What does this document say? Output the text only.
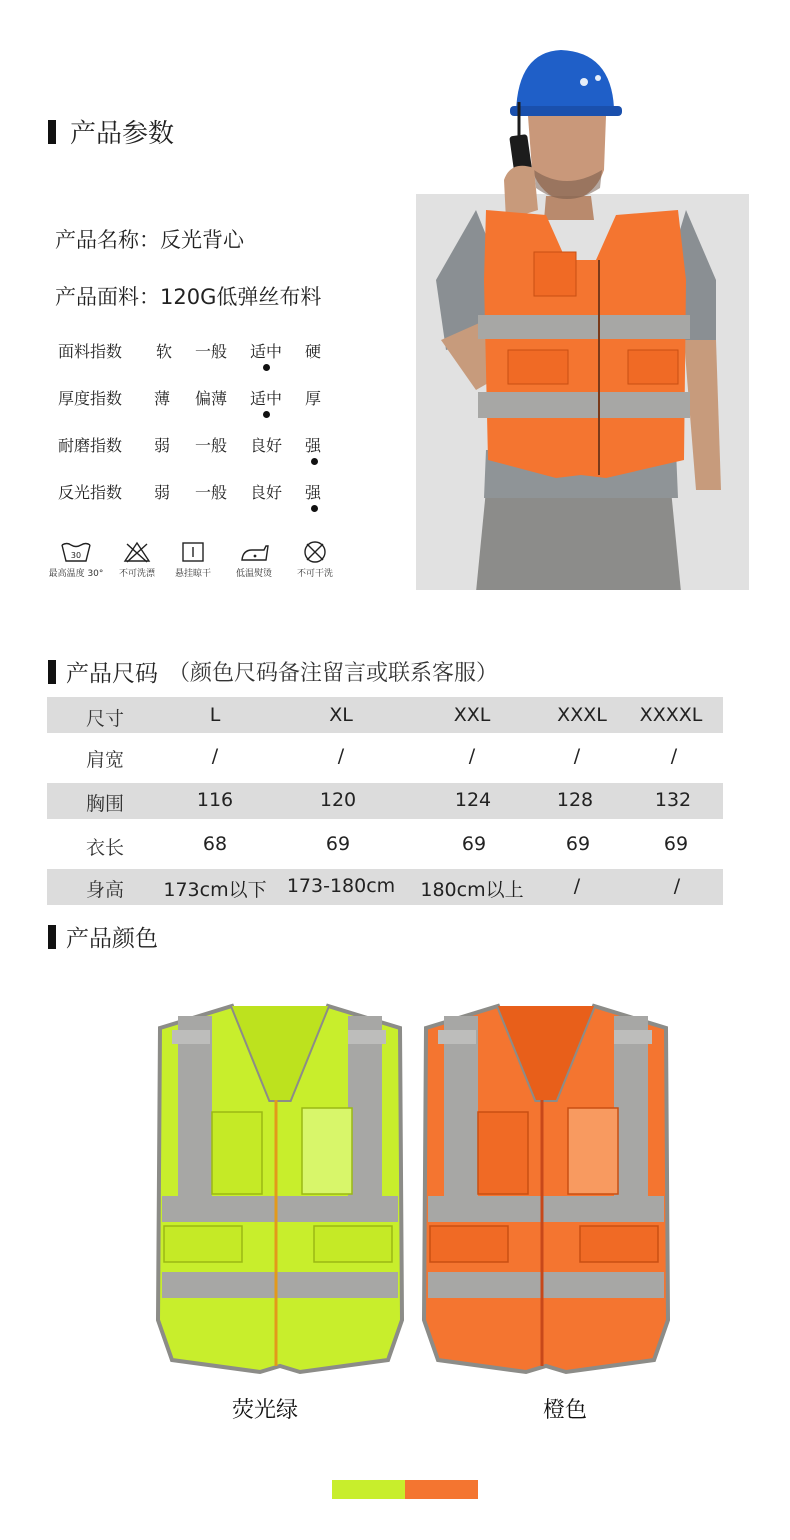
产品参数
产品名称：反光背心
产品面料：120G低弹丝布料
面料指数 软 一般 适中 硬
厚度指数 薄 偏薄 适中 厚
耐磨指数 弱 一般 良好 强
反光指数 弱 一般 良好 强
30
最高温度 30°	不可洗漂	悬挂晾干	低温熨烫	不可干洗
产品尺码 （颜色尺码备注留言或联系客服）
尺寸	L	XL	XXL	XXXL XXXXL
肩宽	/	/	/	/	/
胸围	116	120	124	128	132
衣长	68	69	69	69	69
身高 173cm以下 173-180cm 180cm以上	/	/
产品颜色
荧光绿	橙色
